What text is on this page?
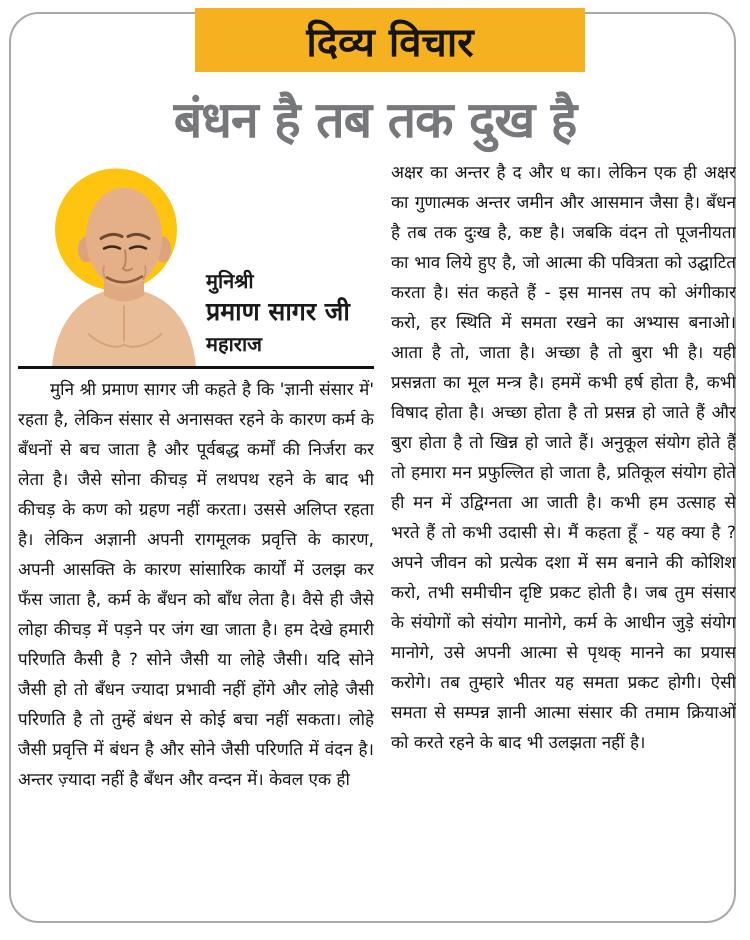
दिव्य विचार
बंधन है तब तक दुख है
मुनिश्री
प्रमाण सागर जी
महाराज
मुनि श्री प्रमाण सागर जी कहते है कि 'ज्ञानी संसार में' रहता है, लेकिन संसार से अनासक्त रहने के कारण कर्म के बँधनों से बच जाता है और पूर्वबद्ध कर्मों की निर्जरा कर लेता है। जैसे सोना कीचड़ में लथपथ रहने के बाद भी कीचड़ के कण को ग्रहण नहीं करता। उससे अलिप्त रहता है। लेकिन अज्ञानी अपनी रागमूलक प्रवृत्ति के कारण, अपनी आसक्ति के कारण सांसारिक कार्यों में उलझ कर फँस जाता है, कर्म के बँधन को बाँध लेता है। वैसे ही जैसे लोहा कीचड़ में पड़ने पर जंग खा जाता है। हम देखे हमारी परिणति कैसी है ? सोने जैसी या लोहे जैसी। यदि सोने जैसी हो तो बँधन ज्यादा प्रभावी नहीं होंगे और लोहे जैसी परिणति है तो तुम्हें बंधन से कोई बचा नहीं सकता। लोहे जैसी प्रवृत्ति में बंधन है और सोने जैसी परिणति में वंदन है। अन्तर ज़्यादा नहीं है बँधन और वन्दन में। केवल एक ही
अक्षर का अन्तर है द और ध का। लेकिन एक ही अक्षर का गुणात्मक अन्तर जमीन और आसमान जैसा है। बँधन है तब तक दुःख है, कष्ट है। जबकि वंदन तो पूजनीयता का भाव लिये हुए है, जो आत्मा की पवित्रता को उद्घाटित करता है। संत कहते हैं - इस मानस तप को अंगीकार करो, हर स्थिति में समता रखने का अभ्यास बनाओ। आता है तो, जाता है। अच्छा है तो बुरा भी है। यही प्रसन्नता का मूल मन्त्र है। हममें कभी हर्ष होता है, कभी विषाद होता है। अच्छा होता है तो प्रसन्न हो जाते हैं और बुरा होता है तो खिन्न हो जाते हैं। अनुकूल संयोग होते हैं तो हमारा मन प्रफुल्लित हो जाता है, प्रतिकूल संयोग होते ही मन में उद्विग्नता आ जाती है। कभी हम उत्साह से भरते हैं तो कभी उदासी से। मैं कहता हूँ - यह क्या है ? अपने जीवन को प्रत्येक दशा में सम बनाने की कोशिश करो, तभी समीचीन दृष्टि प्रकट होती है। जब तुम संसार के संयोगों को संयोग मानोगे, कर्म के आधीन जुड़े संयोग मानोगे, उसे अपनी आत्मा से पृथक् मानने का प्रयास करोगे। तब तुम्हारे भीतर यह समता प्रकट होगी। ऐसी समता से सम्पन्न ज्ञानी आत्मा संसार की तमाम क्रियाओं को करते रहने के बाद भी उलझता नहीं है।
